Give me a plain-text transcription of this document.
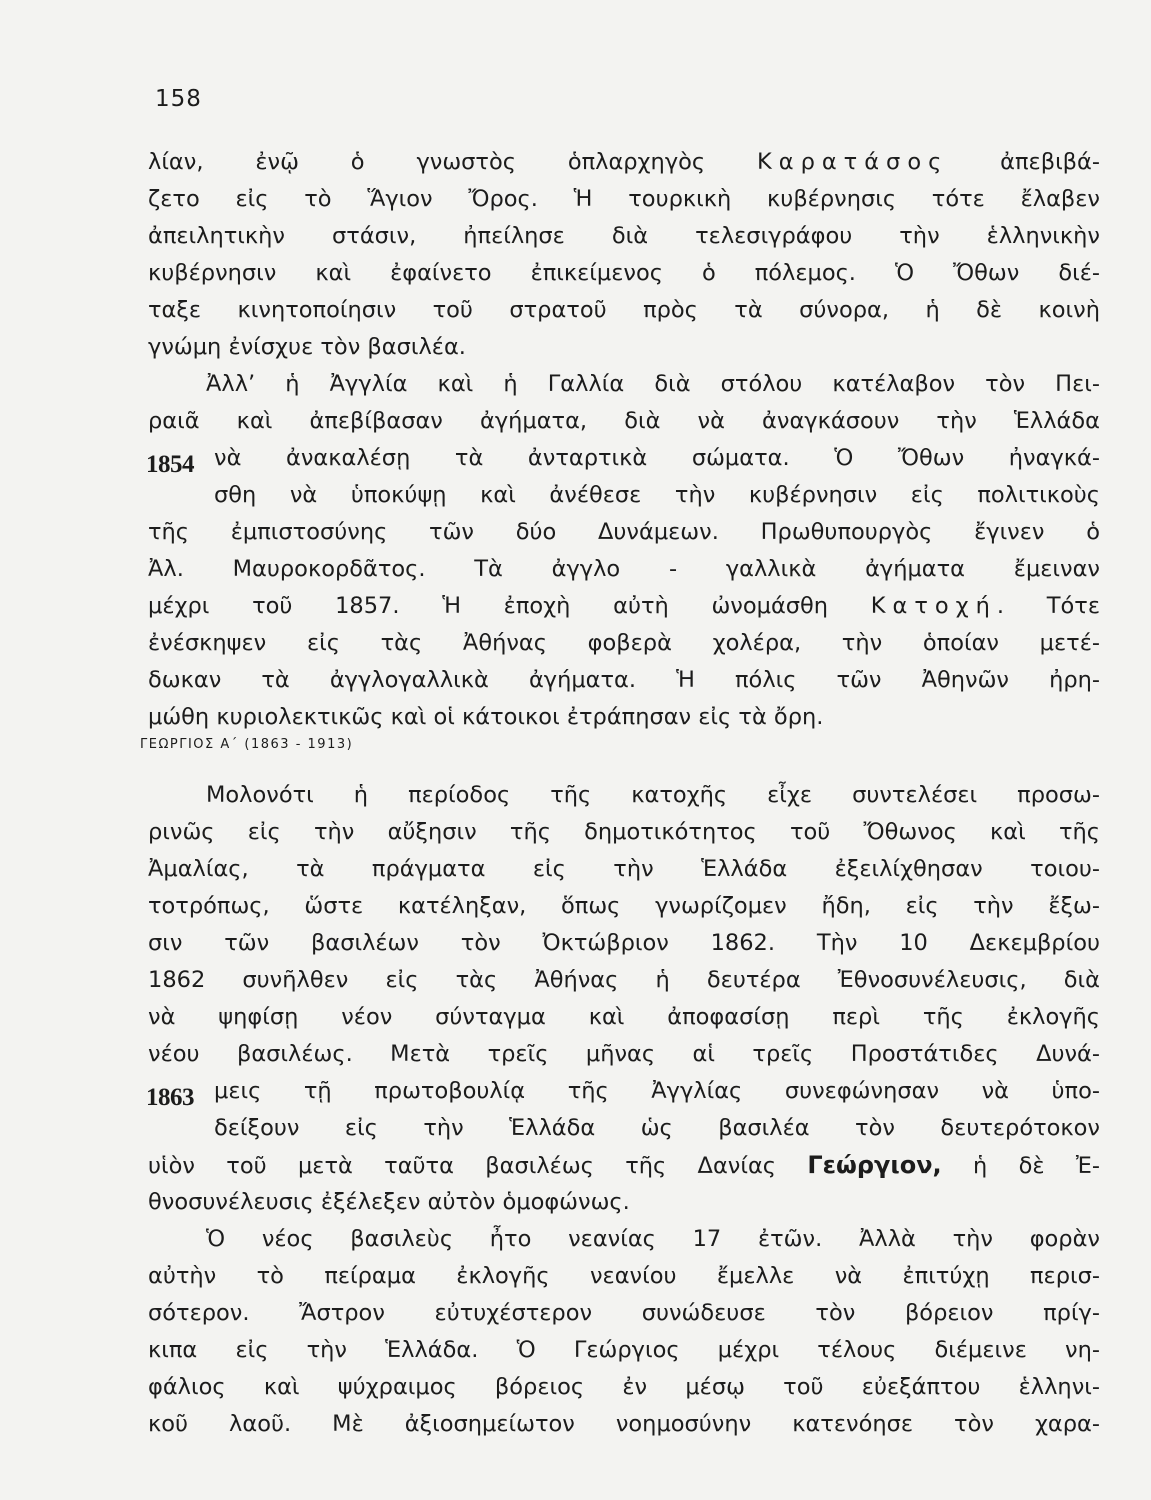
158
λίαν, ἐνῷ ὁ γνωστὸς ὁπλαρχηγὸς Καρατάσος ἀπεβιβά-
ζετο εἰς τὸ Ἅγιον Ὄρος. Ἡ τουρκικὴ κυβέρνησις τότε ἔλαβεν
ἀπειλητικὴν στάσιν, ἠπείλησε διὰ τελεσιγράφου τὴν ἑλληνικὴν
κυβέρνησιν καὶ ἐφαίνετο ἐπικείμενος ὁ πόλεμος. Ὁ Ὄθων διέ-
ταξε κινητοποίησιν τοῦ στρατοῦ πρὸς τὰ σύνορα, ἡ δὲ κοινὴ
γνώμη ἐνίσχυε τὸν βασιλέα.
Ἀλλ’ ἡ Ἀγγλία καὶ ἡ Γαλλία διὰ στόλου κατέλαβον τὸν Πει-
ραιᾶ καὶ ἀπεβίβασαν ἀγήματα, διὰ νὰ ἀναγκάσουν τὴν Ἑλλάδα
1854 νὰ ἀνακαλέσῃ τὰ ἀνταρτικὰ σώματα. Ὁ Ὄθων ἠναγκά-
σθη νὰ ὑποκύψῃ καὶ ἀνέθεσε τὴν κυβέρνησιν εἰς πολιτικοὺς
τῆς ἐμπιστοσύνης τῶν δύο Δυνάμεων. Πρωθυπουργὸς ἔγινεν ὁ
Ἀλ. Μαυροκορδᾶτος. Τὰ ἀγγλο - γαλλικὰ ἀγήματα ἔμειναν
μέχρι τοῦ 1857. Ἡ ἐποχὴ αὐτὴ ὠνομάσθη Κατοχή. Τότε
ἐνέσκηψεν εἰς τὰς Ἀθήνας φοβερὰ χολέρα, τὴν ὁποίαν μετέ-
δωκαν τὰ ἀγγλογαλλικὰ ἀγήματα. Ἡ πόλις τῶν Ἀθηνῶν ἠρη-
μώθη κυριολεκτικῶς καὶ οἱ κάτοικοι ἐτράπησαν εἰς τὰ ὄρη.
ΓΕΩΡΓΙΟΣ Α΄ (1863 - 1913)
Μολονότι ἡ περίοδος τῆς κατοχῆς εἶχε συντελέσει προσω-
ρινῶς εἰς τὴν αὔξησιν τῆς δημοτικότητος τοῦ Ὄθωνος καὶ τῆς
Ἀμαλίας, τὰ πράγματα εἰς τὴν Ἑλλάδα ἐξειλίχθησαν τοιου-
τοτρόπως, ὥστε κατέληξαν, ὅπως γνωρίζομεν ἤδη, εἰς τὴν ἔξω-
σιν τῶν βασιλέων τὸν Ὀκτώβριον 1862. Τὴν 10 Δεκεμβρίου
1862 συνῆλθεν εἰς τὰς Ἀθήνας ἡ δευτέρα Ἐθνοσυνέλευσις, διὰ
νὰ ψηφίσῃ νέον σύνταγμα καὶ ἀποφασίσῃ περὶ τῆς ἐκλογῆς
νέου βασιλέως. Μετὰ τρεῖς μῆνας αἱ τρεῖς Προστάτιδες Δυνά-
1863 μεις τῇ πρωτοβουλίᾳ τῆς Ἀγγλίας συνεφώνησαν νὰ ὑπο-
δείξουν εἰς τὴν Ἑλλάδα ὡς βασιλέα τὸν δευτερότοκον
υἱὸν τοῦ μετὰ ταῦτα βασιλέως τῆς Δανίας Γεώργιον, ἡ δὲ Ἐ-
θνοσυνέλευσις ἐξέλεξεν αὐτὸν ὁμοφώνως.
Ὁ νέος βασιλεὺς ἦτο νεανίας 17 ἐτῶν. Ἀλλὰ τὴν φορὰν
αὐτὴν τὸ πείραμα ἐκλογῆς νεανίου ἔμελλε νὰ ἐπιτύχῃ περισ-
σότερον. Ἄστρον εὐτυχέστερον συνώδευσε τὸν βόρειον πρίγ-
κιπα εἰς τὴν Ἑλλάδα. Ὁ Γεώργιος μέχρι τέλους διέμεινε νη-
φάλιος καὶ ψύχραιμος βόρειος ἐν μέσῳ τοῦ εὐεξάπτου ἑλληνι-
κοῦ λαοῦ. Μὲ ἀξιοσημείωτον νοημοσύνην κατενόησε τὸν χαρα-
